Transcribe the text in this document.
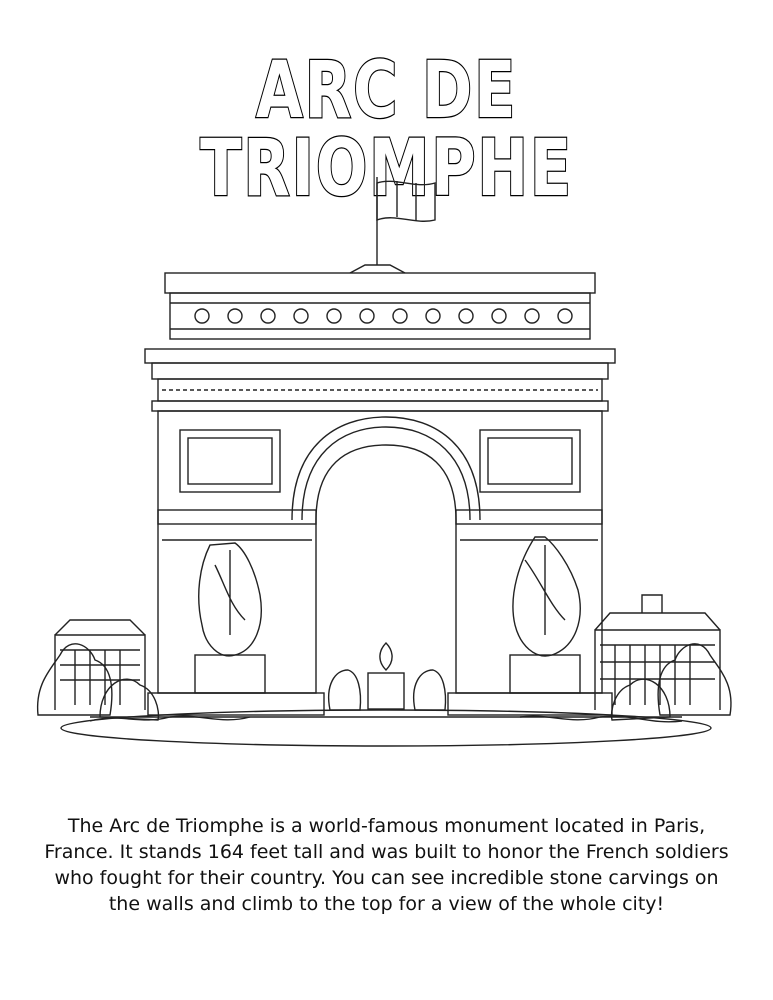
ARC DE TRIOMPHE
The Arc de Triomphe is a world-famous monument located in Paris,
France. It stands 164 feet tall and was built to honor the French soldiers
who fought for their country. You can see incredible stone carvings on
the walls and climb to the top for a view of the whole city!
